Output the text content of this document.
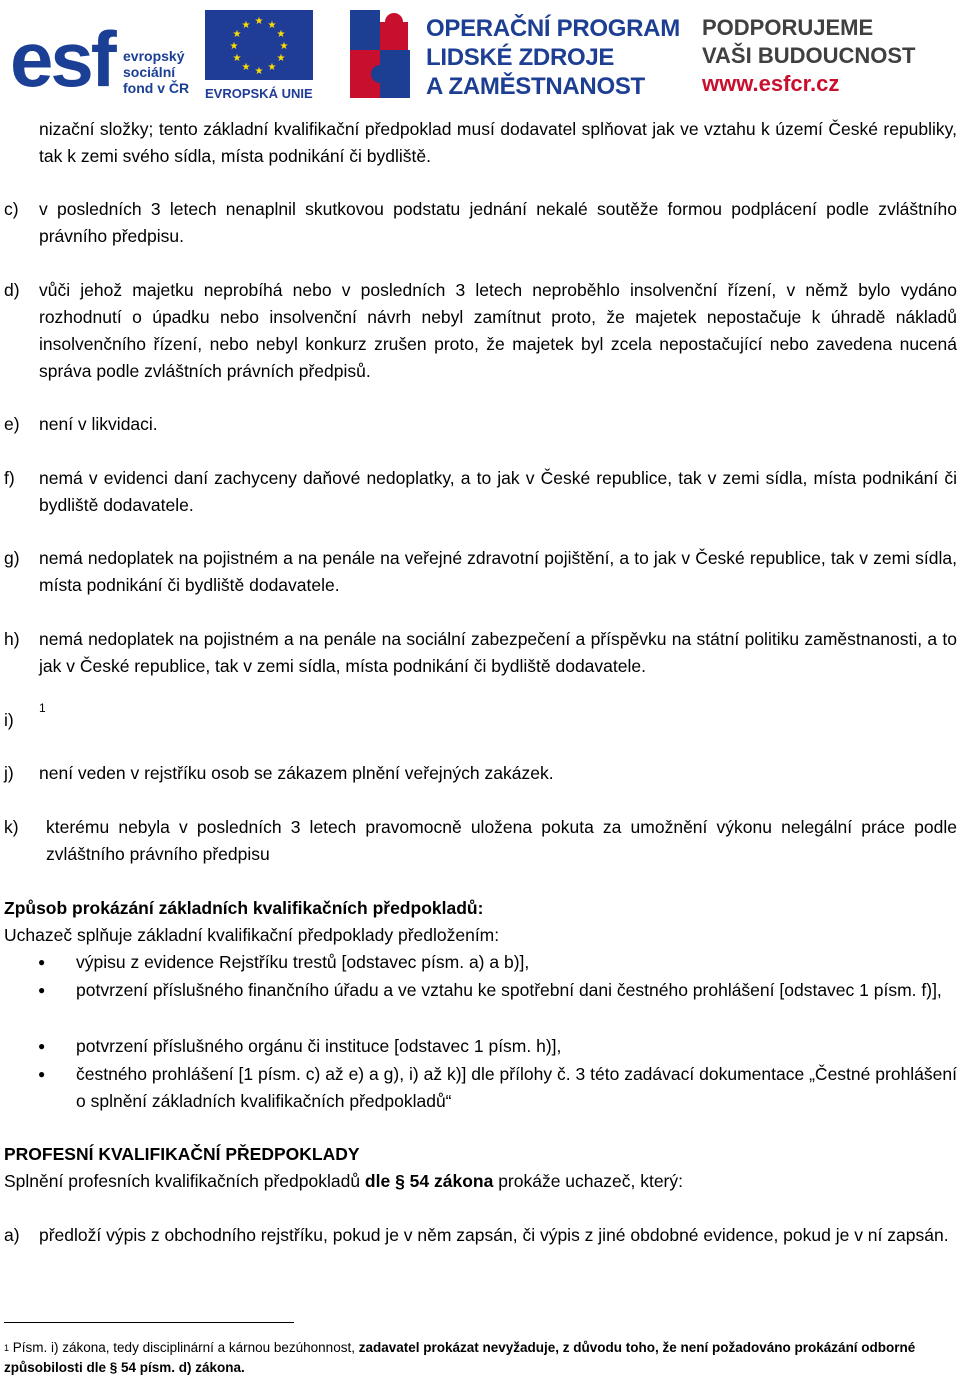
esf evropský
sociální
fond v ČR
★ ★
★
★
★
★
★
★
★
★
★
★
EVROPSKÁ UNIE
OPERAČNÍ PROGRAM
LIDSKÉ ZDROJE
A ZAMĚSTNANOST
PODPORUJEME
VAŠI BUDOUCNOST
www.esfcr.cz
nizační složky; tento základní kvalifikační předpoklad musí dodavatel splňovat jak ve vztahu k území České republiky, tak k zemi svého sídla, místa podnikání či bydliště.
c) v posledních 3 letech nenaplnil skutkovou podstatu jednání nekalé soutěže formou podplácení podle zvláštního právního předpisu.
d) vůči jehož majetku neprobíhá nebo v posledních 3 letech neproběhlo insolvenční řízení, v němž bylo vydáno rozhodnutí o úpadku nebo insolvenční návrh nebyl zamítnut proto, že majetek nepostačuje k úhradě nákladů insolvenčního řízení, nebo nebyl konkurz zrušen proto, že majetek byl zcela nepostačující nebo zavedena nucená správa podle zvláštních právních předpisů.
e) není v likvidaci.
f) nemá v evidenci daní zachyceny daňové nedoplatky, a to jak v České republice, tak v zemi sídla, místa podnikání či bydliště dodavatele.
g) nemá nedoplatek na pojistném a na penále na veřejné zdravotní pojištění, a to jak v České republice, tak v zemi sídla, místa podnikání či bydliště dodavatele.
h) nemá nedoplatek na pojistném a na penále na sociální zabezpečení a příspěvku na státní politiku zaměstnanosti, a to jak v České republice, tak v zemi sídla, místa podnikání či bydliště dodavatele.
i)
1
j) není veden v rejstříku osob se zákazem plnění veřejných zakázek.
k) kterému nebyla v posledních 3 letech pravomocně uložena pokuta za umožnění výkonu nelegální práce podle zvláštního právního předpisu
Způsob prokázání základních kvalifikačních předpokladů:
Uchazeč splňuje základní kvalifikační předpoklady předložením:
● výpisu z evidence Rejstříku trestů [odstavec písm. a) a b)],
● potvrzení příslušného finančního úřadu a ve vztahu ke spotřební dani čestného prohlášení [odstavec 1 písm. f)],
● potvrzení příslušného orgánu či instituce [odstavec 1 písm. h)],
● čestného prohlášení [1 písm. c) až e) a g), i) až k)] dle přílohy č. 3 této zadávací dokumentace „Čestné prohlášení o splnění základních kvalifikačních předpokladů“
PROFESNÍ KVALIFIKAČNÍ PŘEDPOKLADY
Splnění profesních kvalifikačních předpokladů dle § 54 zákona prokáže uchazeč, který:
a) předloží výpis z obchodního rejstříku, pokud je v něm zapsán, či výpis z jiné obdobné evidence, pokud je v ní zapsán.
$^1$ Písm. i) zákona, tedy disciplinární a kárnou bezúhonnost, zadavatel prokázat nevyžaduje, z důvodu toho, že není požadováno prokázání odborné způsobilosti dle § 54 písm. d) zákona.
